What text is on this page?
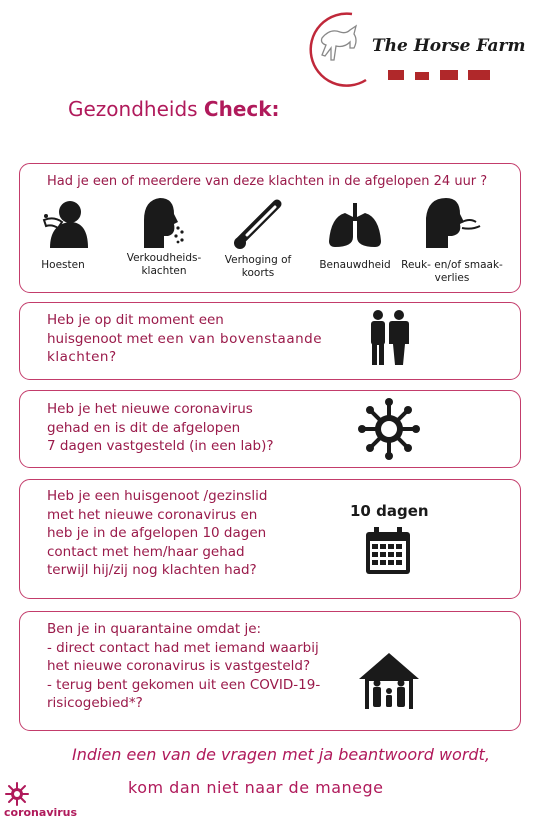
The Horse Farm
Gezondheids Check:
Had je een of meerdere van deze klachten in de afgelopen 24 uur ?
Hoesten
Verkoudheids- klachten
Verhoging of koorts
Benauwdheid Reuk- en/of smaak- verlies
Heb je op dit moment een
huisgenoot met een van bovenstaande
klachten?
Heb je het nieuwe coronavirus
gehad en is dit de afgelopen
7 dagen vastgesteld (in een lab)?
Heb je een huisgenoot /gezinslid
met het nieuwe coronavirus en
heb je in de afgelopen 10 dagen
contact met hem/haar gehad
terwijl hij/zij nog klachten had?
10 dagen
Ben je in quarantaine omdat je:
- direct contact had met iemand waarbij
het nieuwe coronavirus is vastgesteld?
- terug bent gekomen uit een COVID-19-
risicogebied*?
Indien een van de vragen met ja beantwoord wordt,
kom dan niet naar de manege
coronavirus
